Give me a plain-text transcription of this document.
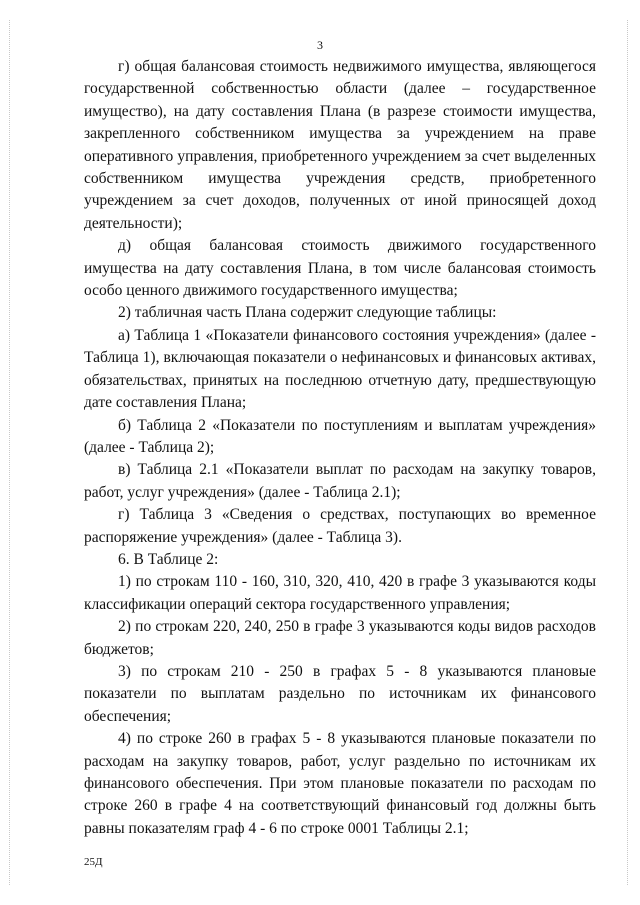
3

г) общая балансовая стоимость недвижимого имущества, являющегося государственной собственностью области (далее – государственное имущество), на дату составления Плана (в разрезе стоимости имущества, закрепленного собственником имущества за учреждением на праве оперативного управления, приобретенного учреждением за счет выделенных собственником имущества учреждения средств, приобретенного учреждением за счет доходов, полученных от иной приносящей доход деятельности);

д) общая балансовая стоимость движимого государственного имущества на дату составления Плана, в том числе балансовая стоимость особо ценного движимого государственного имущества;

2) табличная часть Плана содержит следующие таблицы:

а) Таблица 1 «Показатели финансового состояния учреждения» (далее - Таблица 1), включающая показатели о нефинансовых и финансовых активах, обязательствах, принятых на последнюю отчетную дату, предшествующую дате составления Плана;

б) Таблица 2 «Показатели по поступлениям и выплатам учреждения» (далее - Таблица 2);

в) Таблица 2.1 «Показатели выплат по расходам на закупку товаров, работ, услуг учреждения» (далее - Таблица 2.1);

г) Таблица 3 «Сведения о средствах, поступающих во временное распоряжение учреждения» (далее - Таблица 3).

6. В Таблице 2:

1) по строкам 110 - 160, 310, 320, 410, 420 в графе 3 указываются коды классификации операций сектора государственного управления;

2) по строкам 220, 240, 250 в графе 3 указываются коды видов расходов бюджетов;

3) по строкам 210 - 250 в графах 5 - 8 указываются плановые показатели по выплатам раздельно по источникам их финансового обеспечения;

4) по строке 260 в графах 5 - 8 указываются плановые показатели по расходам на закупку товаров, работ, услуг раздельно по источникам их финансового обеспечения. При этом плановые показатели по расходам по строке 260 в графе 4 на соответствующий финансовый год должны быть равны показателям граф 4 - 6 по строке 0001 Таблицы 2.1;

25Д
